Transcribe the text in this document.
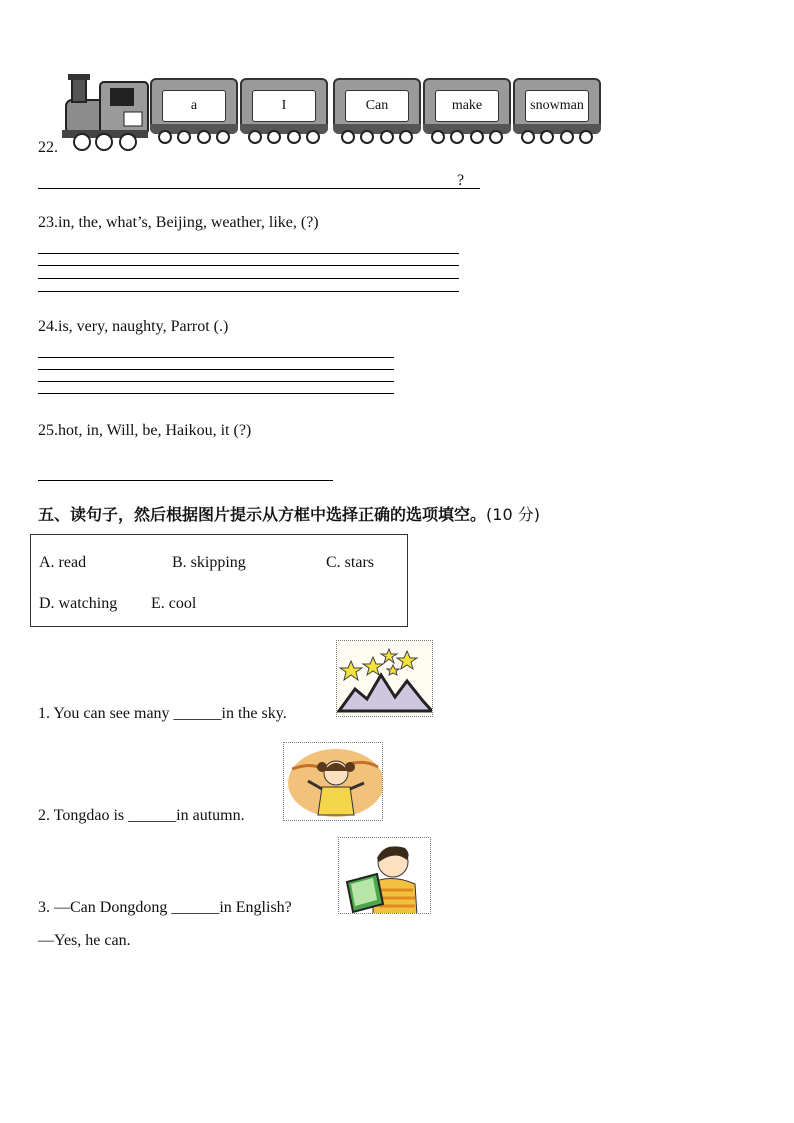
a	I	Can	make	snowman
22.
?
23.in, the, what’s, Beijing, weather, like, (?)
24.is, very, naughty, Parrot (.)
25.hot, in, Will, be, Haikou, it (?)
五、读句子，然后根据图片提示从方框中选择正确的选项填空。(10 分)
A. read	B. skipping	C. stars
D. watching E. cool
1. You can see many ______in the sky.
2. Tongdao is ______in autumn.
3. —Can Dongdong ______in English?
—Yes, he can.
